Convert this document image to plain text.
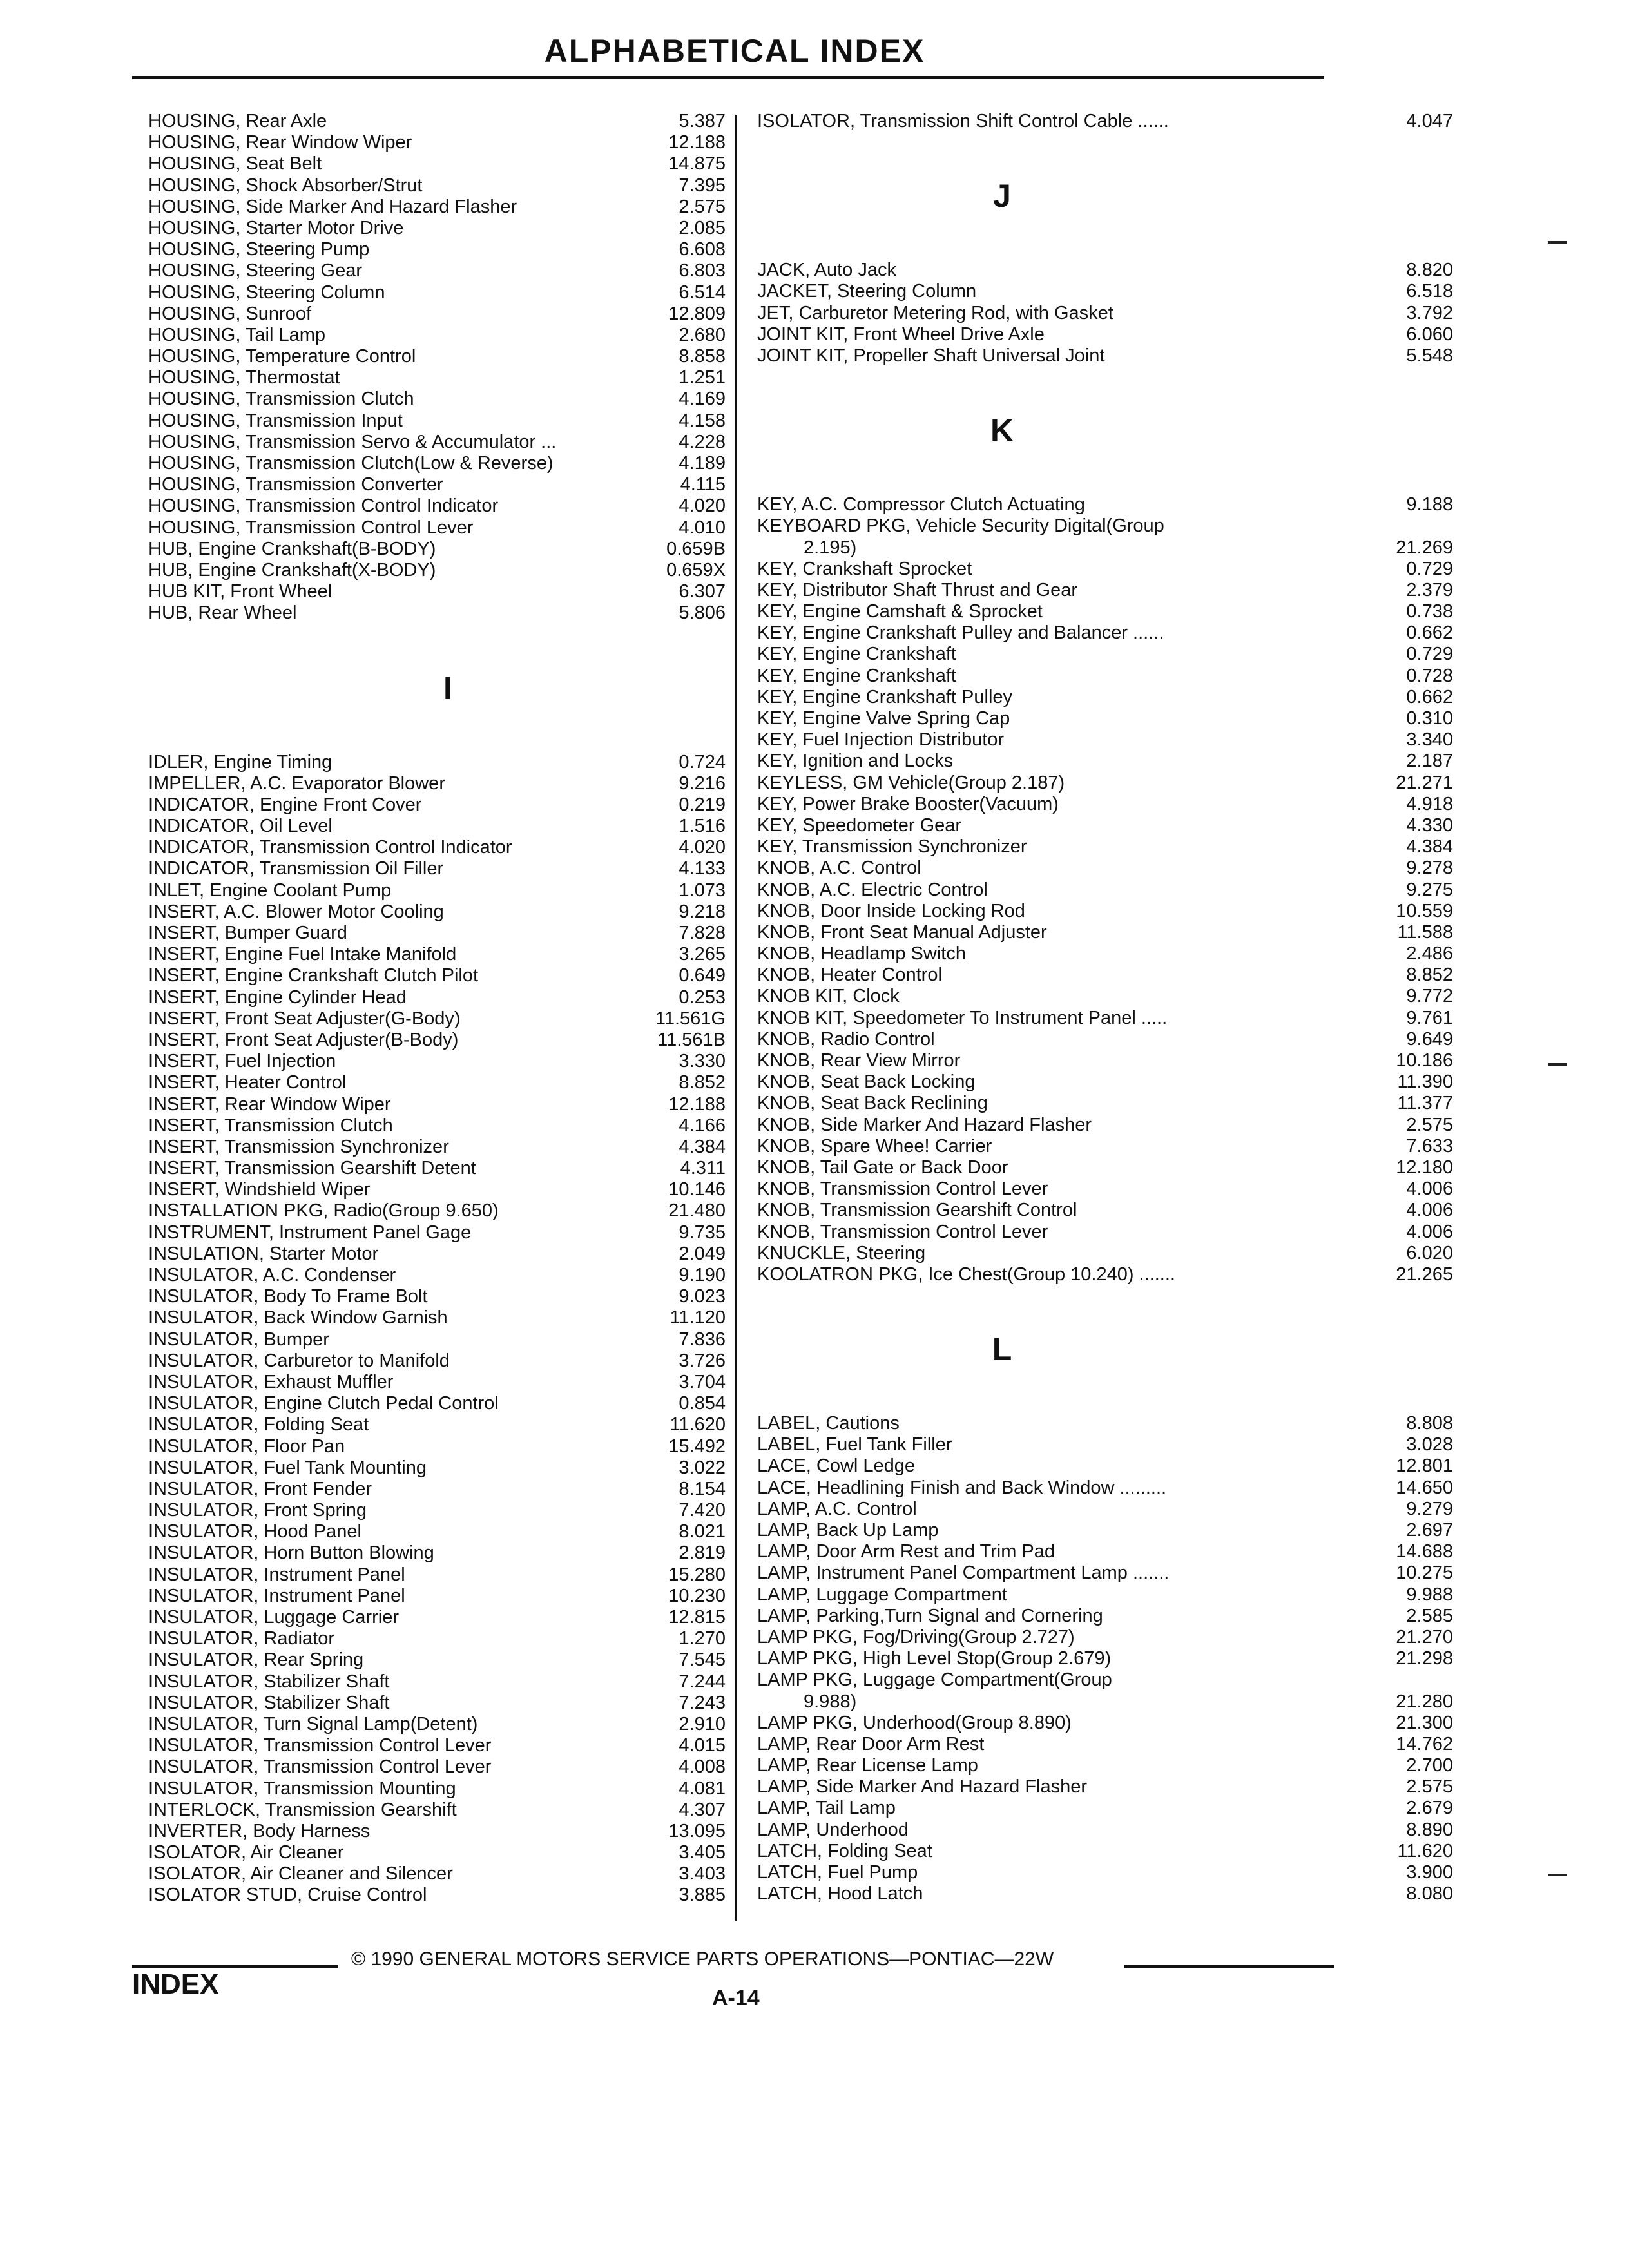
ALPHABETICAL INDEX
HOUSING, Rear Axle	5.387
HOUSING, Rear Window Wiper	12.188
HOUSING, Seat Belt	14.875
HOUSING, Shock Absorber/Strut	7.395
HOUSING, Side Marker And Hazard Flasher	2.575
HOUSING, Starter Motor Drive	2.085
HOUSING, Steering Pump	6.608
HOUSING, Steering Gear	6.803
HOUSING, Steering Column	6.514
HOUSING, Sunroof	12.809
HOUSING, Tail Lamp	2.680
HOUSING, Temperature Control	8.858
HOUSING, Thermostat	1.251
HOUSING, Transmission Clutch	4.169
HOUSING, Transmission Input	4.158
HOUSING, Transmission Servo & Accumulator ...	4.228
HOUSING, Transmission Clutch(Low & Reverse)	4.189
HOUSING, Transmission Converter	4.115
HOUSING, Transmission Control Indicator	4.020
HOUSING, Transmission Control Lever	4.010
HUB, Engine Crankshaft(B-BODY)	0.659B
HUB, Engine Crankshaft(X-BODY)	0.659X
HUB KIT, Front Wheel	6.307
HUB, Rear Wheel	5.806
I
IDLER, Engine Timing	0.724
IMPELLER, A.C. Evaporator Blower	9.216
INDICATOR, Engine Front Cover	0.219
INDICATOR, Oil Level	1.516
INDICATOR, Transmission Control Indicator	4.020
INDICATOR, Transmission Oil Filler	4.133
INLET, Engine Coolant Pump	1.073
INSERT, A.C. Blower Motor Cooling	9.218
INSERT, Bumper Guard	7.828
INSERT, Engine Fuel Intake Manifold	3.265
INSERT, Engine Crankshaft Clutch Pilot	0.649
INSERT, Engine Cylinder Head	0.253
INSERT, Front Seat Adjuster(G-Body)	11.561G
INSERT, Front Seat Adjuster(B-Body)	11.561B
INSERT, Fuel Injection	3.330
INSERT, Heater Control	8.852
INSERT, Rear Window Wiper	12.188
INSERT, Transmission Clutch	4.166
INSERT, Transmission Synchronizer	4.384
INSERT, Transmission Gearshift Detent	4.311
INSERT, Windshield Wiper	10.146
INSTALLATION PKG, Radio(Group 9.650)	21.480
INSTRUMENT, Instrument Panel Gage	9.735
INSULATION, Starter Motor	2.049
INSULATOR, A.C. Condenser	9.190
INSULATOR, Body To Frame Bolt	9.023
INSULATOR, Back Window Garnish	11.120
INSULATOR, Bumper	7.836
INSULATOR, Carburetor to Manifold	3.726
INSULATOR, Exhaust Muffler	3.704
INSULATOR, Engine Clutch Pedal Control	0.854
INSULATOR, Folding Seat	11.620
INSULATOR, Floor Pan	15.492
INSULATOR, Fuel Tank Mounting	3.022
INSULATOR, Front Fender	8.154
INSULATOR, Front Spring	7.420
INSULATOR, Hood Panel	8.021
INSULATOR, Horn Button Blowing	2.819
INSULATOR, Instrument Panel	15.280
INSULATOR, Instrument Panel	10.230
INSULATOR, Luggage Carrier	12.815
INSULATOR, Radiator	1.270
INSULATOR, Rear Spring	7.545
INSULATOR, Stabilizer Shaft	7.244
INSULATOR, Stabilizer Shaft	7.243
INSULATOR, Turn Signal Lamp(Detent)	2.910
INSULATOR, Transmission Control Lever	4.015
INSULATOR, Transmission Control Lever	4.008
INSULATOR, Transmission Mounting	4.081
INTERLOCK, Transmission Gearshift	4.307
INVERTER, Body Harness	13.095
ISOLATOR, Air Cleaner	3.405
ISOLATOR, Air Cleaner and Silencer	3.403
ISOLATOR STUD, Cruise Control	3.885
ISOLATOR, Transmission Shift Control Cable ......	4.047
J
JACK, Auto Jack	8.820
JACKET, Steering Column	6.518
JET, Carburetor Metering Rod, with Gasket	3.792
JOINT KIT, Front Wheel Drive Axle	6.060
JOINT KIT, Propeller Shaft Universal Joint	5.548
K
KEY, A.C. Compressor Clutch Actuating	9.188
KEYBOARD PKG, Vehicle Security Digital(Group
2.195)	21.269
KEY, Crankshaft Sprocket	0.729
KEY, Distributor Shaft Thrust and Gear	2.379
KEY, Engine Camshaft & Sprocket	0.738
KEY, Engine Crankshaft Pulley and Balancer ......	0.662
KEY, Engine Crankshaft	0.729
KEY, Engine Crankshaft	0.728
KEY, Engine Crankshaft Pulley	0.662
KEY, Engine Valve Spring Cap	0.310
KEY, Fuel Injection Distributor	3.340
KEY, Ignition and Locks	2.187
KEYLESS, GM Vehicle(Group 2.187)	21.271
KEY, Power Brake Booster(Vacuum)	4.918
KEY, Speedometer Gear	4.330
KEY, Transmission Synchronizer	4.384
KNOB, A.C. Control	9.278
KNOB, A.C. Electric Control	9.275
KNOB, Door Inside Locking Rod	10.559
KNOB, Front Seat Manual Adjuster	11.588
KNOB, Headlamp Switch	2.486
KNOB, Heater Control	8.852
KNOB KIT, Clock	9.772
KNOB KIT, Speedometer To Instrument Panel .....	9.761
KNOB, Radio Control	9.649
KNOB, Rear View Mirror	10.186
KNOB, Seat Back Locking	11.390
KNOB, Seat Back Reclining	11.377
KNOB, Side Marker And Hazard Flasher	2.575
KNOB, Spare Whee! Carrier	7.633
KNOB, Tail Gate or Back Door	12.180
KNOB, Transmission Control Lever	4.006
KNOB, Transmission Gearshift Control	4.006
KNOB, Transmission Control Lever	4.006
KNUCKLE, Steering	6.020
KOOLATRON PKG, Ice Chest(Group 10.240) .......	21.265
L
LABEL, Cautions	8.808
LABEL, Fuel Tank Filler	3.028
LACE, Cowl Ledge	12.801
LACE, Headlining Finish and Back Window .........	14.650
LAMP, A.C. Control	9.279
LAMP, Back Up Lamp	2.697
LAMP, Door Arm Rest and Trim Pad	14.688
LAMP, Instrument Panel Compartment Lamp .......	10.275
LAMP, Luggage Compartment	9.988
LAMP, Parking,Turn Signal and Cornering	2.585
LAMP PKG, Fog/Driving(Group 2.727)	21.270
LAMP PKG, High Level Stop(Group 2.679)	21.298
LAMP PKG, Luggage Compartment(Group
9.988)	21.280
LAMP PKG, Underhood(Group 8.890)	21.300
LAMP, Rear Door Arm Rest	14.762
LAMP, Rear License Lamp	2.700
LAMP, Side Marker And Hazard Flasher	2.575
LAMP, Tail Lamp	2.679
LAMP, Underhood	8.890
LATCH, Folding Seat	11.620
LATCH, Fuel Pump	3.900
LATCH, Hood Latch	8.080
© 1990 GENERAL MOTORS SERVICE PARTS OPERATIONS—PONTIAC—22W
INDEX	A-14
